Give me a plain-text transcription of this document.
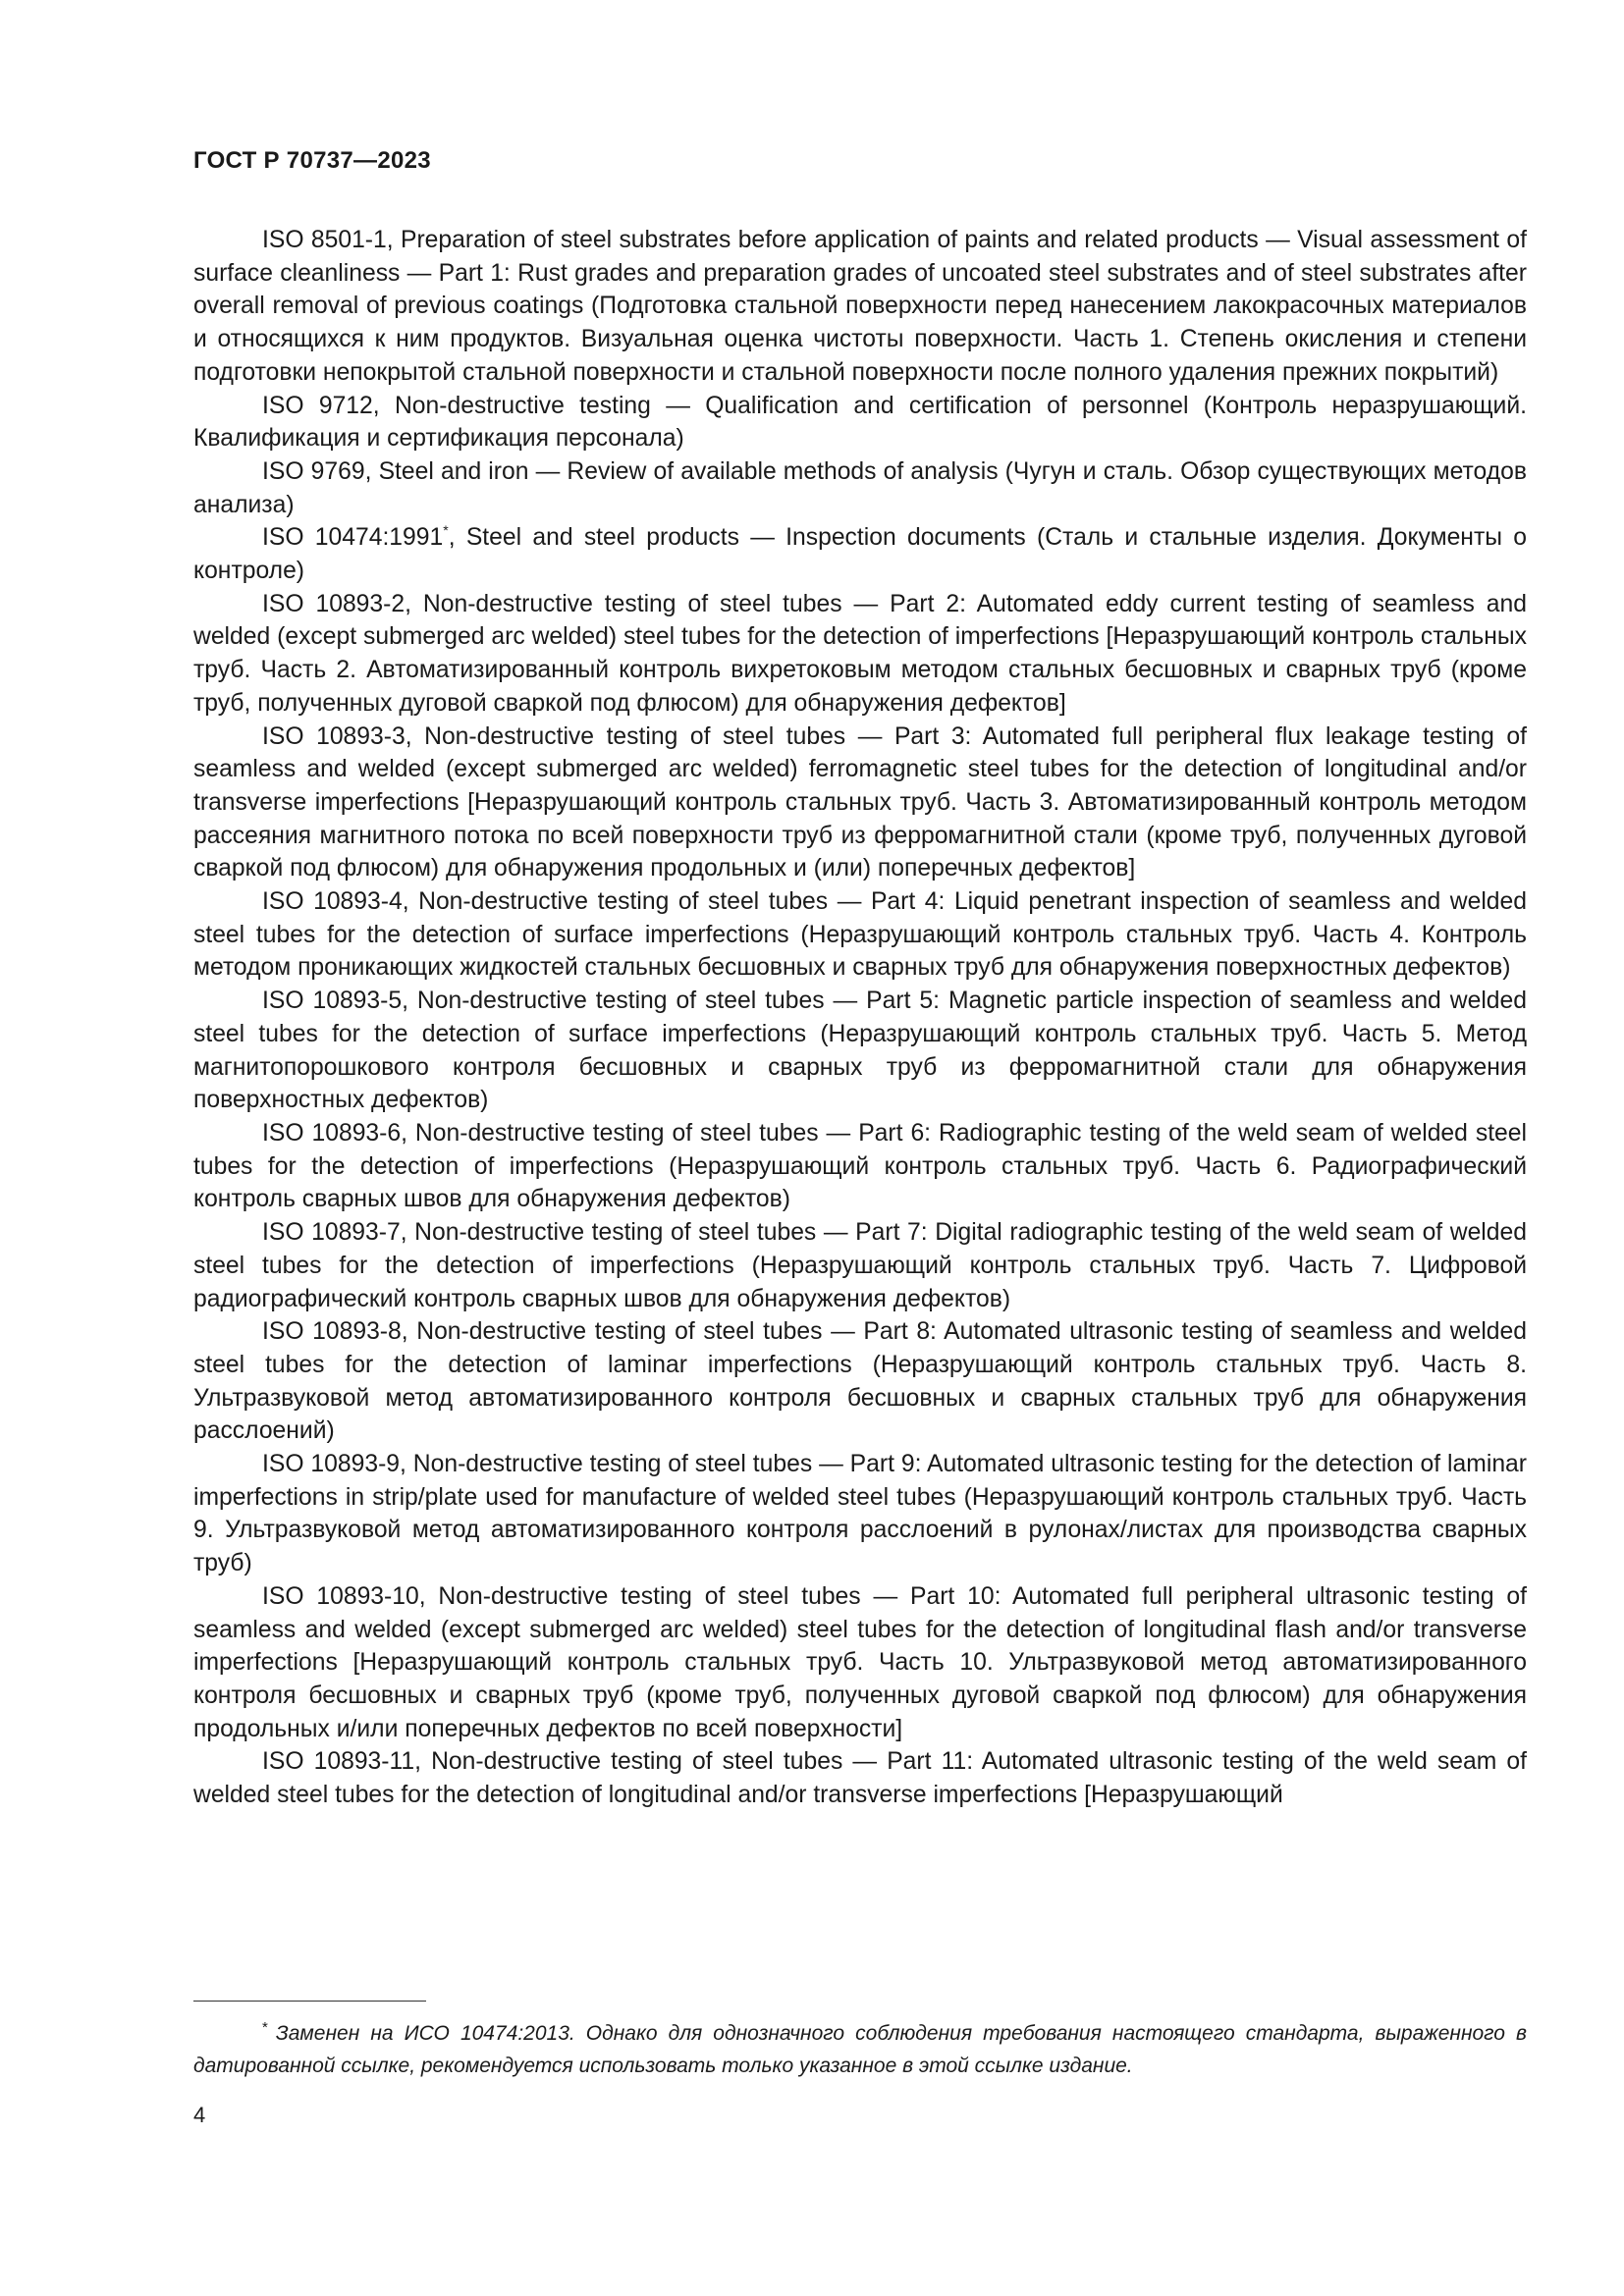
ГОСТ Р 70737—2023

ISO 8501-1, Preparation of steel substrates before application of paints and related products — Visual assessment of surface cleanliness — Part 1: Rust grades and preparation grades of uncoated steel substrates and of steel substrates after overall removal of previous coatings (Подготовка стальной поверхности перед нанесением лакокрасочных материалов и относящихся к ним продуктов. Визуальная оценка чистоты поверхности. Часть 1. Степень окисления и степени подготовки непокрытой стальной поверхности и стальной поверхности после полного удаления прежних покрытий)

ISO 9712, Non-destructive testing — Qualification and certification of personnel (Контроль неразрушающий. Квалификация и сертификация персонала)

ISO 9769, Steel and iron — Review of available methods of analysis (Чугун и сталь. Обзор существующих методов анализа)

ISO 10474:1991*, Steel and steel products — Inspection documents (Сталь и стальные изделия. Документы о контроле)

ISO 10893-2, Non-destructive testing of steel tubes — Part 2: Automated eddy current testing of seamless and welded (except submerged arc welded) steel tubes for the detection of imperfections [Неразрушающий контроль стальных труб. Часть 2. Автоматизированный контроль вихретоковым методом стальных бесшовных и сварных труб (кроме труб, полученных дуговой сваркой под флюсом) для обнаружения дефектов]

ISO 10893-3, Non-destructive testing of steel tubes — Part 3: Automated full peripheral flux leakage testing of seamless and welded (except submerged arc welded) ferromagnetic steel tubes for the detection of longitudinal and/or transverse imperfections [Неразрушающий контроль стальных труб. Часть 3. Автоматизированный контроль методом рассеяния магнитного потока по всей поверхности труб из ферромагнитной стали (кроме труб, полученных дуговой сваркой под флюсом) для обнаружения продольных и (или) поперечных дефектов]

ISO 10893-4, Non-destructive testing of steel tubes — Part 4: Liquid penetrant inspection of seamless and welded steel tubes for the detection of surface imperfections (Неразрушающий контроль стальных труб. Часть 4. Контроль методом проникающих жидкостей стальных бесшовных и сварных труб для обнаружения поверхностных дефектов)

ISO 10893-5, Non-destructive testing of steel tubes — Part 5: Magnetic particle inspection of seamless and welded steel tubes for the detection of surface imperfections (Неразрушающий контроль стальных труб. Часть 5. Метод магнитопорошкового контроля бесшовных и сварных труб из ферромагнитной стали для обнаружения поверхностных дефектов)

ISO 10893-6, Non-destructive testing of steel tubes — Part 6: Radiographic testing of the weld seam of welded steel tubes for the detection of imperfections (Неразрушающий контроль стальных труб. Часть 6. Радиографический контроль сварных швов для обнаружения дефектов)

ISO 10893-7, Non-destructive testing of steel tubes — Part 7: Digital radiographic testing of the weld seam of welded steel tubes for the detection of imperfections (Неразрушающий контроль стальных труб. Часть 7. Цифровой радиографический контроль сварных швов для обнаружения дефектов)

ISO 10893-8, Non-destructive testing of steel tubes — Part 8: Automated ultrasonic testing of seamless and welded steel tubes for the detection of laminar imperfections (Неразрушающий контроль стальных труб. Часть 8. Ультразвуковой метод автоматизированного контроля бесшовных и сварных стальных труб для обнаружения расслоений)

ISO 10893-9, Non-destructive testing of steel tubes — Part 9: Automated ultrasonic testing for the detection of laminar imperfections in strip/plate used for manufacture of welded steel tubes (Неразрушающий контроль стальных труб. Часть 9. Ультразвуковой метод автоматизированного контроля расслоений в рулонах/листах для производства сварных труб)

ISO 10893-10, Non-destructive testing of steel tubes — Part 10: Automated full peripheral ultrasonic testing of seamless and welded (except submerged arc welded) steel tubes for the detection of longitudinal flash and/or transverse imperfections [Неразрушающий контроль стальных труб. Часть 10. Ультразвуковой метод автоматизированного контроля бесшовных и сварных труб (кроме труб, полученных дуговой сваркой под флюсом) для обнаружения продольных и/или поперечных дефектов по всей поверхности]

ISO 10893-11, Non-destructive testing of steel tubes — Part 11: Automated ultrasonic testing of the weld seam of welded steel tubes for the detection of longitudinal and/or transverse imperfections [Неразрушающий

* Заменен на ИСО 10474:2013. Однако для однозначного соблюдения требования настоящего стандарта, выраженного в датированной ссылке, рекомендуется использовать только указанное в этой ссылке издание.

4
